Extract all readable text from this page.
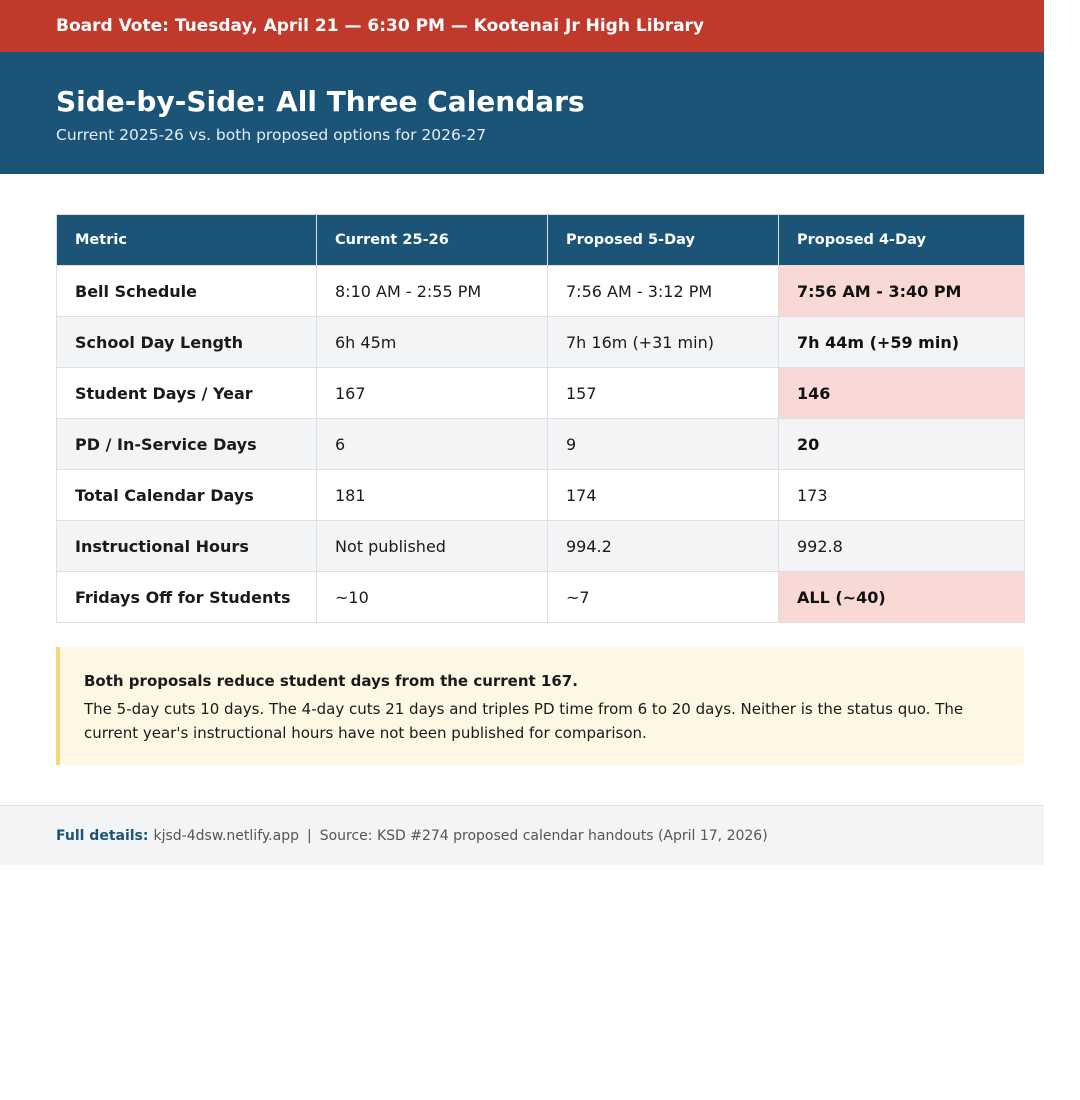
Board Vote: Tuesday, April 21 — 6:30 PM — Kootenai Jr High Library
Side-by-Side: All Three Calendars
Current 2025-26 vs. both proposed options for 2026-27
Metric	Current 25-26	Proposed 5-Day	Proposed 4-Day
Bell Schedule	8:10 AM - 2:55 PM	7:56 AM - 3:12 PM	7:56 AM - 3:40 PM
School Day Length	6h 45m	7h 16m (+31 min)	7h 44m (+59 min)
Student Days / Year	167	157	146
PD / In-Service Days	6	9	20
Total Calendar Days	181	174	173
Instructional Hours	Not published	994.2	992.8
Fridays Off for Students	~10	~7	ALL (~40)
Both proposals reduce student days from the current 167.
The 5-day cuts 10 days. The 4-day cuts 21 days and triples PD time from 6 to 20 days. Neither is the status quo. The current year's instructional hours have not been published for comparison.
Full details: kjsd-4dsw.netlify.app | Source: KSD #274 proposed calendar handouts (April 17, 2026)
